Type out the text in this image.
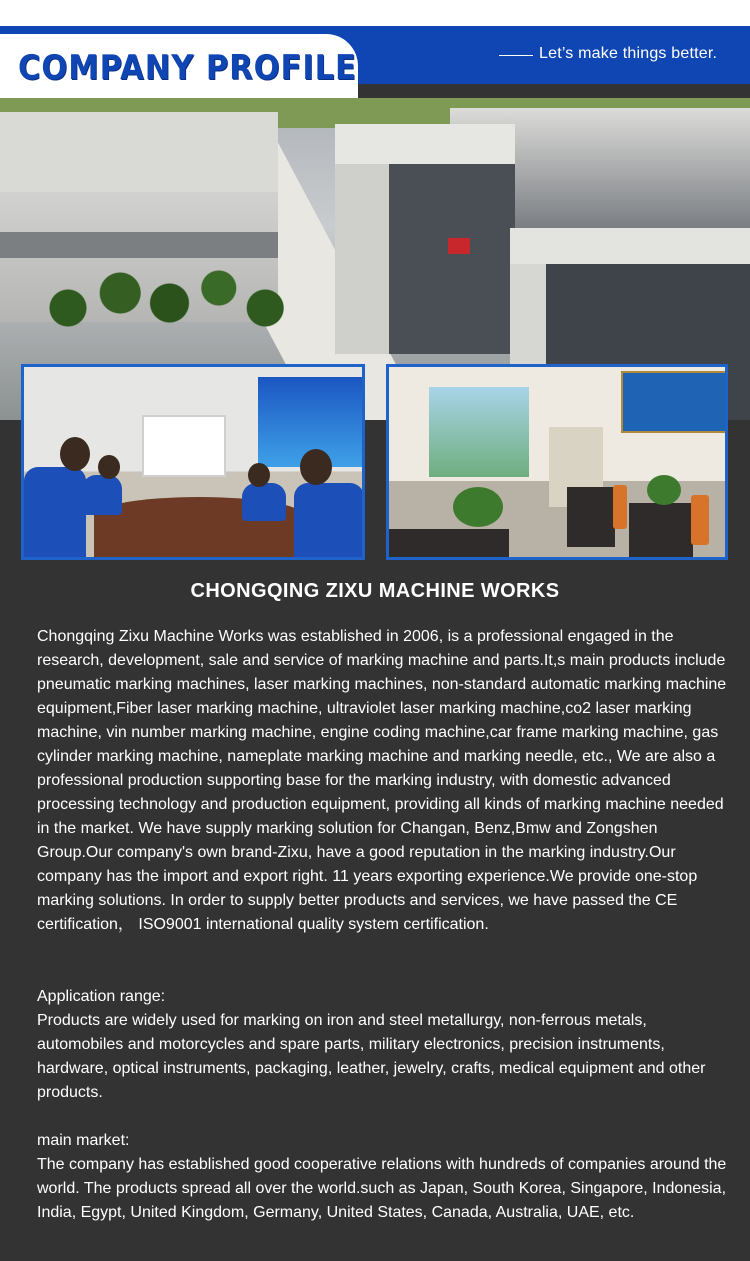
COMPANY PROFILE	Let’s make things better.
CHONGQING ZIXU MACHINE WORKS

Chongqing Zixu Machine Works was established in 2006, is a professional engaged in the research, development, sale and service of marking machine and parts.It,s main products include pneumatic marking machines, laser marking machines, non-standard automatic marking machine equipment,Fiber laser marking machine, ultraviolet laser marking machine,co2 laser marking machine, vin number marking machine, engine coding machine,car frame marking machine, gas cylinder marking machine, nameplate marking machine and marking needle, etc., We are also a professional production supporting base for the marking industry, with domestic advanced processing technology and production equipment, providing all kinds of marking machine needed in the market. We have supply marking solution for Changan, Benz,Bmw and Zongshen Group.Our company's own brand-Zixu, have a good reputation in the marking industry.Our company has the import and export right. 11 years exporting experience.We provide one-stop marking solutions. In order to supply better products and services, we have passed the CE certification， ISO9001 international quality system certification.

Application range:

Products are widely used for marking on iron and steel metallurgy, non-ferrous metals, automobiles and motorcycles and spare parts, military electronics, precision instruments, hardware, optical instruments, packaging, leather, jewelry, crafts, medical equipment and other products.

main market:

The company has established good cooperative relations with hundreds of companies around the world. The products spread all over the world.such as Japan, South Korea, Singapore, Indonesia, India, Egypt, United Kingdom, Germany, United States, Canada, Australia, UAE, etc.
